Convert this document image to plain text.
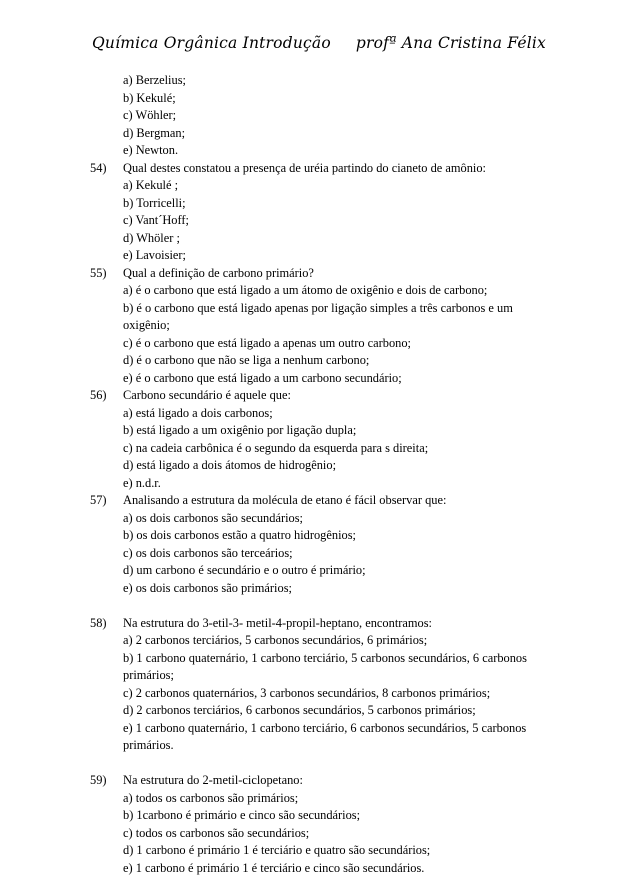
Química Orgânica Introdução profª Ana Cristina Félix
a) Berzelius;
b) Kekulé;
c) Wöhler;
d) Bergman;
e) Newton.
54) Qual destes constatou a presença de uréia partindo do cianeto de amônio:
a) Kekulé ;
b) Torricelli;
c) Vant´Hoff;
d) Whöler ;
e) Lavoisier;
55) Qual a definição de carbono primário?
a) é o carbono que está ligado a um átomo de oxigênio e dois de carbono;
b) é o carbono que está ligado apenas por ligação simples a três carbonos e um
oxigênio;
c) é o carbono que está ligado a apenas um outro carbono;
d) é o carbono que não se liga a nenhum carbono;
e) é o carbono que está ligado a um carbono secundário;
56) Carbono secundário é aquele que:
a) está ligado a dois carbonos;
b) está ligado a um oxigênio por ligação dupla;
c) na cadeia carbônica é o segundo da esquerda para s direita;
d) está ligado a dois átomos de hidrogênio;
e) n.d.r.
57) Analisando a estrutura da molécula de etano é fácil observar que:
a) os dois carbonos são secundários;
b) os dois carbonos estão a quatro hidrogênios;
c) os dois carbonos são terceários;
d) um carbono é secundário e o outro é primário;
e) os dois carbonos são primários;
58) Na estrutura do 3-etil-3- metil-4-propil-heptano, encontramos:
a) 2 carbonos terciários, 5 carbonos secundários, 6 primários;
b) 1 carbono quaternário, 1 carbono terciário, 5 carbonos secundários, 6 carbonos
primários;
c) 2 carbonos quaternários, 3 carbonos secundários, 8 carbonos primários;
d) 2 carbonos terciários, 6 carbonos secundários, 5 carbonos primários;
e) 1 carbono quaternário, 1 carbono terciário, 6 carbonos secundários, 5 carbonos
primários.
59) Na estrutura do 2-metil-ciclopetano:
a) todos os carbonos são primários;
b) 1carbono é primário e cinco são secundários;
c) todos os carbonos são secundários;
d) 1 carbono é primário 1 é terciário e quatro são secundários;
e) 1 carbono é primário 1 é terciário e cinco são secundários.
